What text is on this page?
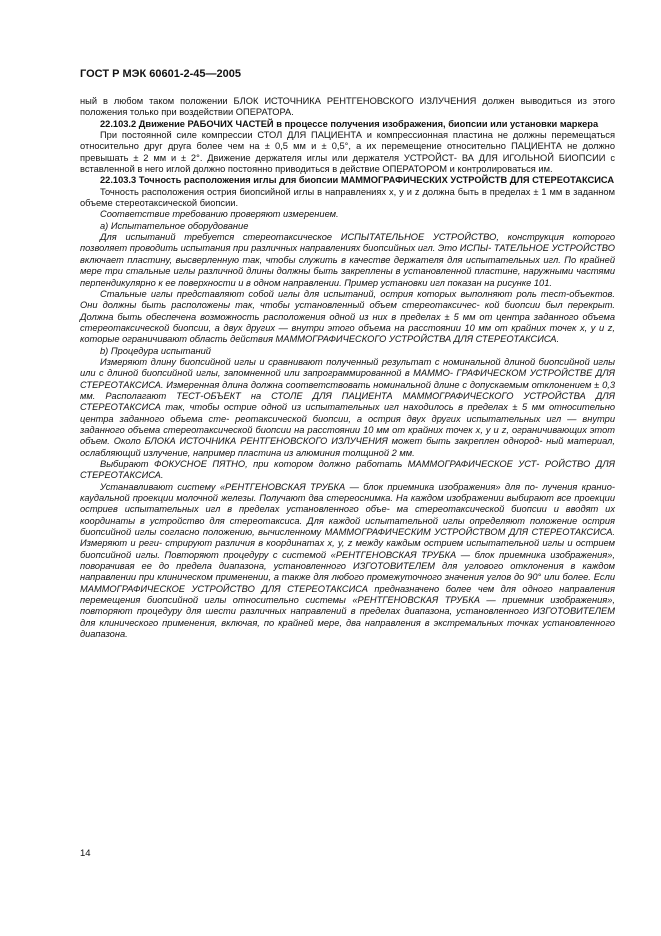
ГОСТ Р МЭК 60601-2-45—2005

ный в любом таком положении БЛОК ИСТОЧНИКА РЕНТГЕНОВСКОГО ИЗЛУЧЕНИЯ должен выводиться из этого положения только при воздействии ОПЕРАТОРА.

22.103.2 Движение РАБОЧИХ ЧАСТЕЙ в процессе получения изображения, биопсии или установки маркера

При постоянной силе компрессии СТОЛ ДЛЯ ПАЦИЕНТА и компрессионная пластина не должны перемещаться относительно друг друга более чем на ± 0,5 мм и ± 0,5°, а их перемещение относительно ПАЦИЕНТА не должно превышать ± 2 мм и ± 2°. Движение держателя иглы или держателя УСТРОЙСТ- ВА ДЛЯ ИГОЛЬНОЙ БИОПСИИ с вставленной в него иглой должно постоянно приводиться в действие ОПЕРАТОРОМ и контролироваться им.

22.103.3 Точность расположения иглы для биопсии МАММОГРАФИЧЕСКИХ УСТРОЙСТВ ДЛЯ СТЕРЕОТАКСИСА

Точность расположения острия биопсийной иглы в направлениях x, y и z должна быть в пределах ± 1 мм в заданном объеме стереотаксической биопсии.

Соответствие требованию проверяют измерением.

а) Испытательное оборудование

Для испытаний требуется стереотаксическое ИСПЫТАТЕЛЬНОЕ УСТРОЙСТВО, конструкция которого позволяет проводить испытания при различных направлениях биопсийных игл. Это ИСПЫ- ТАТЕЛЬНОЕ УСТРОЙСТВО включает пластину, высверленную так, чтобы служить в качестве держателя для испытательных игл. По крайней мере три стальные иглы различной длины должны быть закреплены в установленной пластине, наружными частями перпендикулярно к ее поверхности и в одном направлении. Пример установки игл показан на рисунке 101.

Стальные иглы представляют собой иглы для испытаний, острия которых выполняют роль тест-объектов. Они должны быть расположены так, чтобы установленный объем стереотаксичес- кой биопсии был перекрыт. Должна быть обеспечена возможность расположения одной из них в пределах ± 5 мм от центра заданного объема стереотаксической биопсии, а двух других — внутри этого объема на расстоянии 10 мм от крайних точек x, y и z, которые ограничивают область действия МАММОГРАФИЧЕСКОГО УСТРОЙСТВА ДЛЯ СТЕРЕОТАКСИСА.

b) Процедура испытаний

Измеряют длину биопсийной иглы и сравнивают полученный результат с номинальной длиной биопсийной иглы или с длиной биопсийной иглы, запомненной или запрограммированной в МАММО- ГРАФИЧЕСКОМ УСТРОЙСТВЕ ДЛЯ СТЕРЕОТАКСИСА. Измеренная длина должна соответствовать номинальной длине с допускаемым отклонением ± 0,3 мм. Располагают ТЕСТ-ОБЪЕКТ на СТОЛЕ ДЛЯ ПАЦИЕНТА МАММОГРАФИЧЕСКОГО УСТРОЙСТВА ДЛЯ СТЕРЕОТАКСИСА так, чтобы острие одной из испытательных игл находилось в пределах ± 5 мм относительно центра заданного объема сте- реотаксической биопсии, а острия двух других испытательных игл — внутри заданного объема стереотаксической биопсии на расстоянии 10 мм от крайних точек x, y и z, ограничивающих этот объем. Около БЛОКА ИСТОЧНИКА РЕНТГЕНОВСКОГО ИЗЛУЧЕНИЯ может быть закреплен однород- ный материал, ослабляющий излучение, например пластина из алюминия толщиной 2 мм.

Выбирают ФОКУСНОЕ ПЯТНО, при котором должно работать МАММОГРАФИЧЕСКОЕ УСТ- РОЙСТВО ДЛЯ СТЕРЕОТАКСИСА.

Устанавливают систему «РЕНТГЕНОВСКАЯ ТРУБКА — блок приемника изображения» для по- лучения кранио-каудальной проекции молочной железы. Получают два стереоснимка. На каждом изображении выбирают все проекции остриев испытательных игл в пределах установленного объе- ма стереотаксической биопсии и вводят их координаты в устройство для стереотаксиса. Для каждой испытательной иглы определяют положение острия биопсийной иглы согласно положению, вычисленному МАММОГРАФИЧЕСКИМ УСТРОЙСТВОМ ДЛЯ СТЕРЕОТАКСИСА. Измеряют и реги- стрируют различия в координатах x, y, z между каждым острием испытательной иглы и острием биопсийной иглы. Повторяют процедуру с системой «РЕНТГЕНОВСКАЯ ТРУБКА — блок приемника изображения», поворачивая ее до предела диапазона, установленного ИЗГОТОВИТЕЛЕМ для углового отклонения в каждом направлении при клиническом применении, а также для любого промежуточного значения углов до 90° или более. Если МАММОГРАФИЧЕСКОЕ УСТРОЙСТВО ДЛЯ СТЕРЕОТАКСИСА предназначено более чем для одного направления перемещения биопсийной иглы относительно системы «РЕНТГЕНОВСКАЯ ТРУБКА — приемник изображения», повторяют процедуру для шести различных направлений в пределах диапазона, установленного ИЗГОТОВИТЕЛЕМ для клинического применения, включая, по крайней мере, два направления в экстремальных точках установленного диапазона.

14
